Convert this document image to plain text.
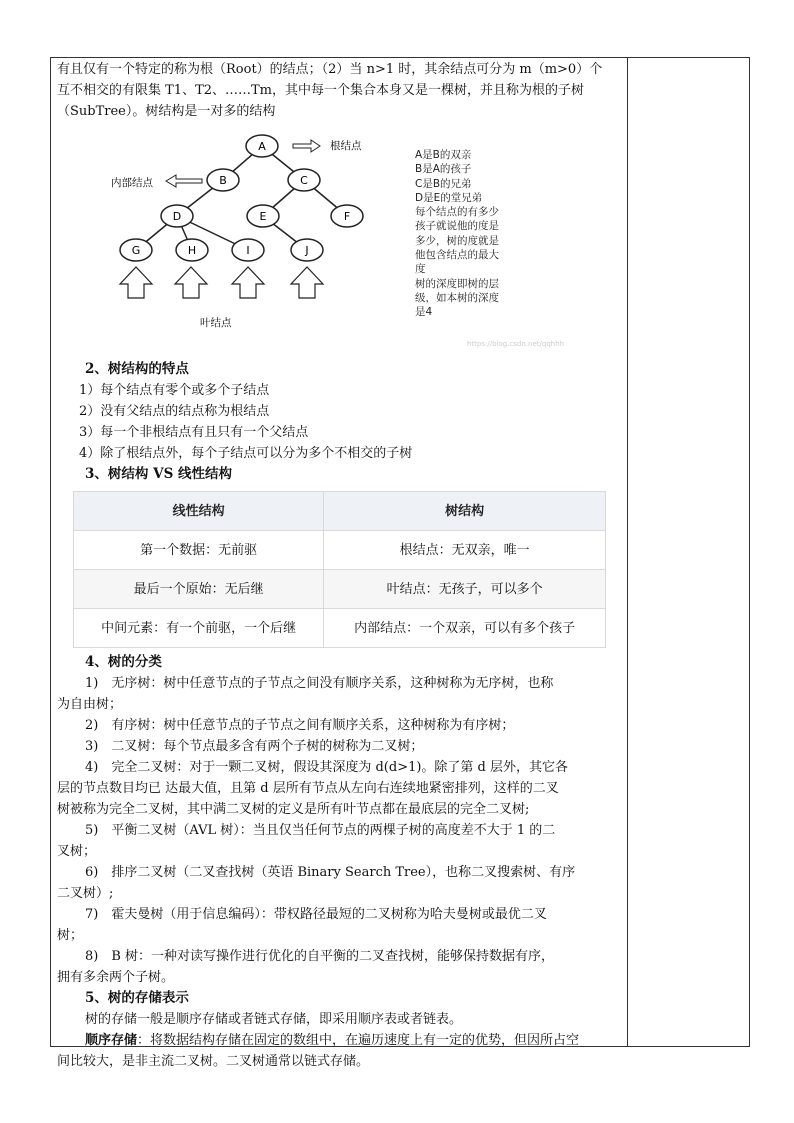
有且仅有一个特定的称为根（Root）的结点；（2）当 n>1 时，其余结点可分为 m（m>0）个

互不相交的有限集 T1、T2、……Tm，其中每一个集合本身又是一棵树，并且称为根的子树

（SubTree）。树结构是一对多的结构

A
B	C
D	E	F
G	H	I	J
根结点
内部结点
叶结点
A是B的双亲
B是A的孩子
C是B的兄弟
D是E的堂兄弟
每个结点的有多少
孩子就说他的度是
多少，树的度就是
他包含结点的最大
度
树的深度即树的层
级，如本树的深度
是4
https://blog.csdn.net/qqhhh

2、树结构的特点

1）每个结点有零个或多个子结点

2）没有父结点的结点称为根结点

3）每一个非根结点有且只有一个父结点

4）除了根结点外，每个子结点可以分为多个不相交的子树

3、树结构 VS 线性结构

线性结构	树结构
第一个数据：无前驱	根结点：无双亲，唯一
最后一个原始：无后继	叶结点：无孩子，可以多个
中间元素：有一个前驱，一个后继	内部结点：一个双亲，可以有多个孩子

4、树的分类

1)　无序树：树中任意节点的子节点之间没有顺序关系，这种树称为无序树，也称

为自由树；

2)　有序树：树中任意节点的子节点之间有顺序关系，这种树称为有序树；

3)　二叉树：每个节点最多含有两个子树的树称为二叉树；

4)　完全二叉树：对于一颗二叉树，假设其深度为 d(d>1)。除了第 d 层外，其它各

层的节点数目均已 达最大值，且第 d 层所有节点从左向右连续地紧密排列，这样的二叉

树被称为完全二叉树，其中满二叉树的定义是所有叶节点都在最底层的完全二叉树;

5)　平衡二叉树（AVL 树）：当且仅当任何节点的两棵子树的高度差不大于 1 的二

叉树；

6)　排序二叉树（二叉查找树（英语 Binary Search Tree），也称二叉搜索树、有序

二叉树）;

7)　霍夫曼树（用于信息编码）：带权路径最短的二叉树称为哈夫曼树或最优二叉

树；

8)　B 树：一种对读写操作进行优化的自平衡的二叉查找树，能够保持数据有序，

拥有多余两个子树。

5、树的存储表示

树的存储一般是顺序存储或者链式存储，即采用顺序表或者链表。

顺序存储：将数据结构存储在固定的数组中，在遍历速度上有一定的优势，但因所占空

间比较大，是非主流二叉树。二叉树通常以链式存储。
